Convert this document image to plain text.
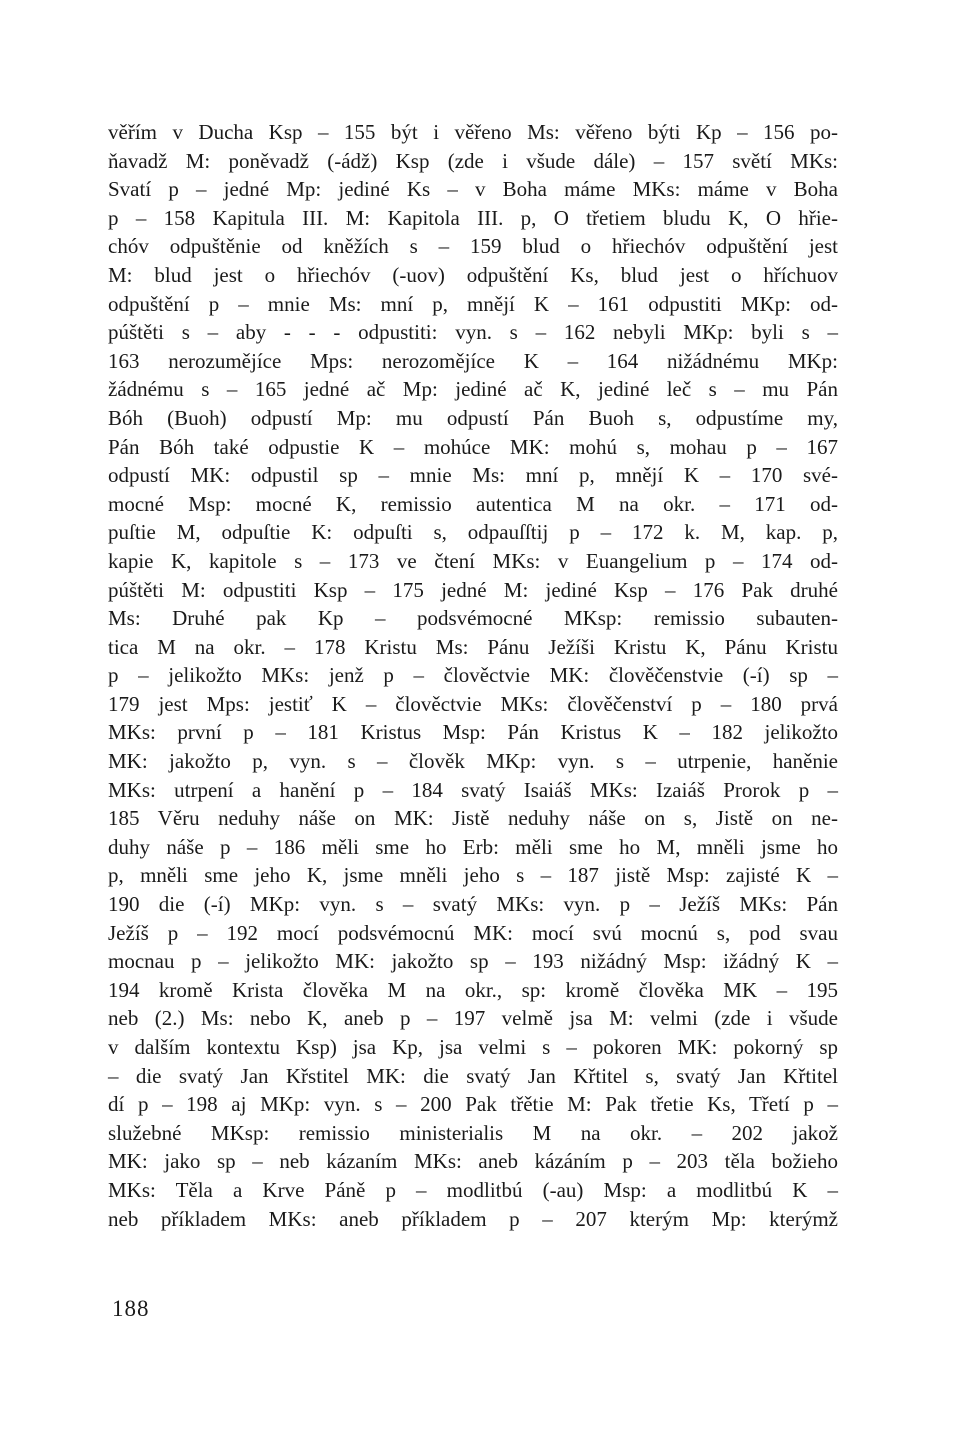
věřím v Ducha Ksp – 155 být i věřeno Ms: věřeno býti Kp – 156 po-
ňavadž M: poněvadž (-ádž) Ksp (zde i všude dále) – 157 světí MKs:
Svatí p – jedné Mp: jediné Ks – v Boha máme MKs: máme v Boha
p – 158 Kapitula III. M: Kapitola III. p, O třetiem bludu K, O hřie-
chóv odpuštěnie od kněžích s – 159 blud o hřiechóv odpuštění jest
M: blud jest o hřiechóv (-uov) odpuštění Ks, blud jest o hříchuov
odpuštění p – mnie Ms: mní p, mnějí K – 161 odpustiti MKp: od-
púštěti s – aby - - - odpustiti: vyn. s – 162 nebyli MKp: byli s –
163 nerozumějíce Mps: nerozomějíce K – 164 nižádnému MKp:
žádnému s – 165 jedné ač Mp: jediné ač K, jediné leč s – mu Pán
Bóh (Buoh) odpustí Mp: mu odpustí Pán Buoh s, odpustíme my,
Pán Bóh také odpustie K – mohúce MK: mohú s, mohau p – 167
odpustí MK: odpustil sp – mnie Ms: mní p, mnějí K – 170 své-
mocné Msp: mocné K, remissio autentica M na okr. – 171 od-
puſtie M, odpuſtie K: odpuſti s, odpauſſtij p – 172 k. M, kap. p,
kapie K, kapitole s – 173 ve čtení MKs: v Euangelium p – 174 od-
púštěti M: odpustiti Ksp – 175 jedné M: jediné Ksp – 176 Pak druhé
Ms: Druhé pak Kp – podsvémocné MKsp: remissio subauten-
tica M na okr. – 178 Kristu Ms: Pánu Ježíši Kristu K, Pánu Kristu
p – jelikožto MKs: jenž p – člověctvie MK: člověčenstvie (-í) sp –
179 jest Mps: jestiť K – člověctvie MKs: člověčenství p – 180 prvá
MKs: první p – 181 Kristus Msp: Pán Kristus K – 182 jelikožto
MK: jakožto p, vyn. s – člověk MKp: vyn. s – utrpenie, haněnie
MKs: utrpení a hanění p – 184 svatý Isaiáš MKs: Izaiáš Prorok p –
185 Věru neduhy náše on MK: Jistě neduhy náše on s, Jistě on ne-
duhy náše p – 186 měli sme ho Erb: měli sme ho M, mněli jsme ho
p, mněli sme jeho K, jsme mněli jeho s – 187 jistě Msp: zajisté K –
190 die (-í) MKp: vyn. s – svatý MKs: vyn. p – Ježíš MKs: Pán
Ježíš p – 192 mocí podsvémocnú MK: mocí svú mocnú s, pod svau
mocnau p – jelikožto MK: jakožto sp – 193 nižádný Msp: ižádný K –
194 kromě Krista člověka M na okr., sp: kromě člověka MK – 195
neb (2.) Ms: nebo K, aneb p – 197 velmě jsa M: velmi (zde i všude
v dalším kontextu Ksp) jsa Kp, jsa velmi s – pokoren MK: pokorný sp
– die svatý Jan Křstitel MK: die svatý Jan Křtitel s, svatý Jan Křtitel
dí p – 198 aj MKp: vyn. s – 200 Pak třětie M: Pak třetie Ks, Třetí p –
služebné MKsp: remissio ministerialis M na okr. – 202 jakož
MK: jako sp – neb kázaním MKs: aneb kázáním p – 203 těla božieho
MKs: Těla a Krve Páně p – modlitbú (-au) Msp: a modlitbú K –
neb příkladem MKs: aneb příkladem p – 207 kterým Mp: kterýmž
188
